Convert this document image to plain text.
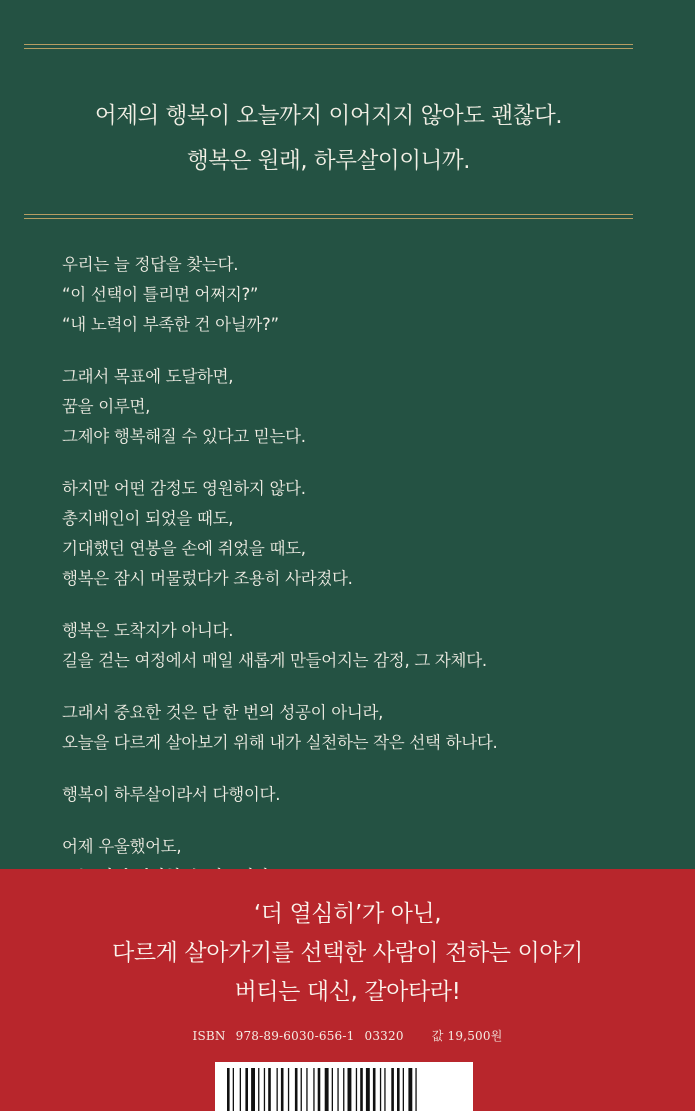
어제의 행복이 오늘까지 이어지지 않아도 괜찮다.
행복은 원래, 하루살이이니까.
우리는 늘 정답을 찾는다.
“이 선택이 틀리면 어쩌지?”
“내 노력이 부족한 건 아닐까?”
그래서 목표에 도달하면,
꿈을 이루면,
그제야 행복해질 수 있다고 믿는다.
하지만 어떤 감정도 영원하지 않다.
총지배인이 되었을 때도,
기대했던 연봉을 손에 쥐었을 때도,
행복은 잠시 머물렀다가 조용히 사라졌다.
행복은 도착지가 아니다.
길을 걷는 여정에서 매일 새롭게 만들어지는 감정, 그 자체다.
그래서 중요한 것은 단 한 번의 성공이 아니라,
오늘을 다르게 살아보기 위해 내가 실천하는 작은 선택 하나다.
행복이 하루살이라서 다행이다.
어제 우울했어도,
‘더 열심히’가 아닌,
다르게 살아가기를 선택한 사람이 전하는 이야기
버티는 대신, 갈아타라!
ISBN 978-89-6030-656-1 03320 값 19,500원
